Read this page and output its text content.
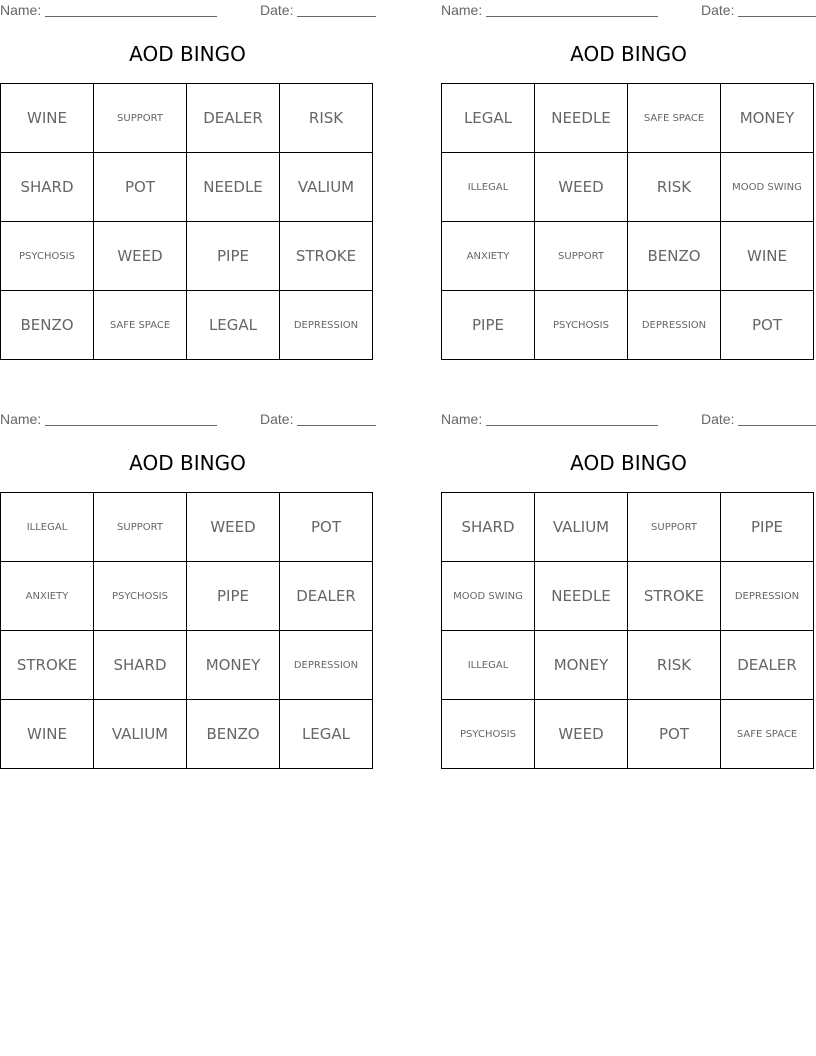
Name:	Date:
AOD BINGO
WINE	SUPPORT	DEALER	RISK
SHARD	POT	NEEDLE	VALIUM
PSYCHOSIS	WEED	PIPE	STROKE
BENZO	SAFE SPACE	LEGAL	DEPRESSION
Name:	Date:
AOD BINGO
LEGAL	NEEDLE	SAFE SPACE	MONEY
ILLEGAL	WEED	RISK	MOOD SWING
ANXIETY	SUPPORT	BENZO	WINE
PIPE	PSYCHOSIS	DEPRESSION	POT
Name:	Date:
AOD BINGO
ILLEGAL	SUPPORT	WEED	POT
ANXIETY	PSYCHOSIS	PIPE	DEALER
STROKE	SHARD	MONEY	DEPRESSION
WINE	VALIUM	BENZO	LEGAL
Name:	Date:
AOD BINGO
SHARD	VALIUM	SUPPORT	PIPE
MOOD SWING	NEEDLE	STROKE	DEPRESSION
ILLEGAL	MONEY	RISK	DEALER
PSYCHOSIS	WEED	POT	SAFE SPACE
